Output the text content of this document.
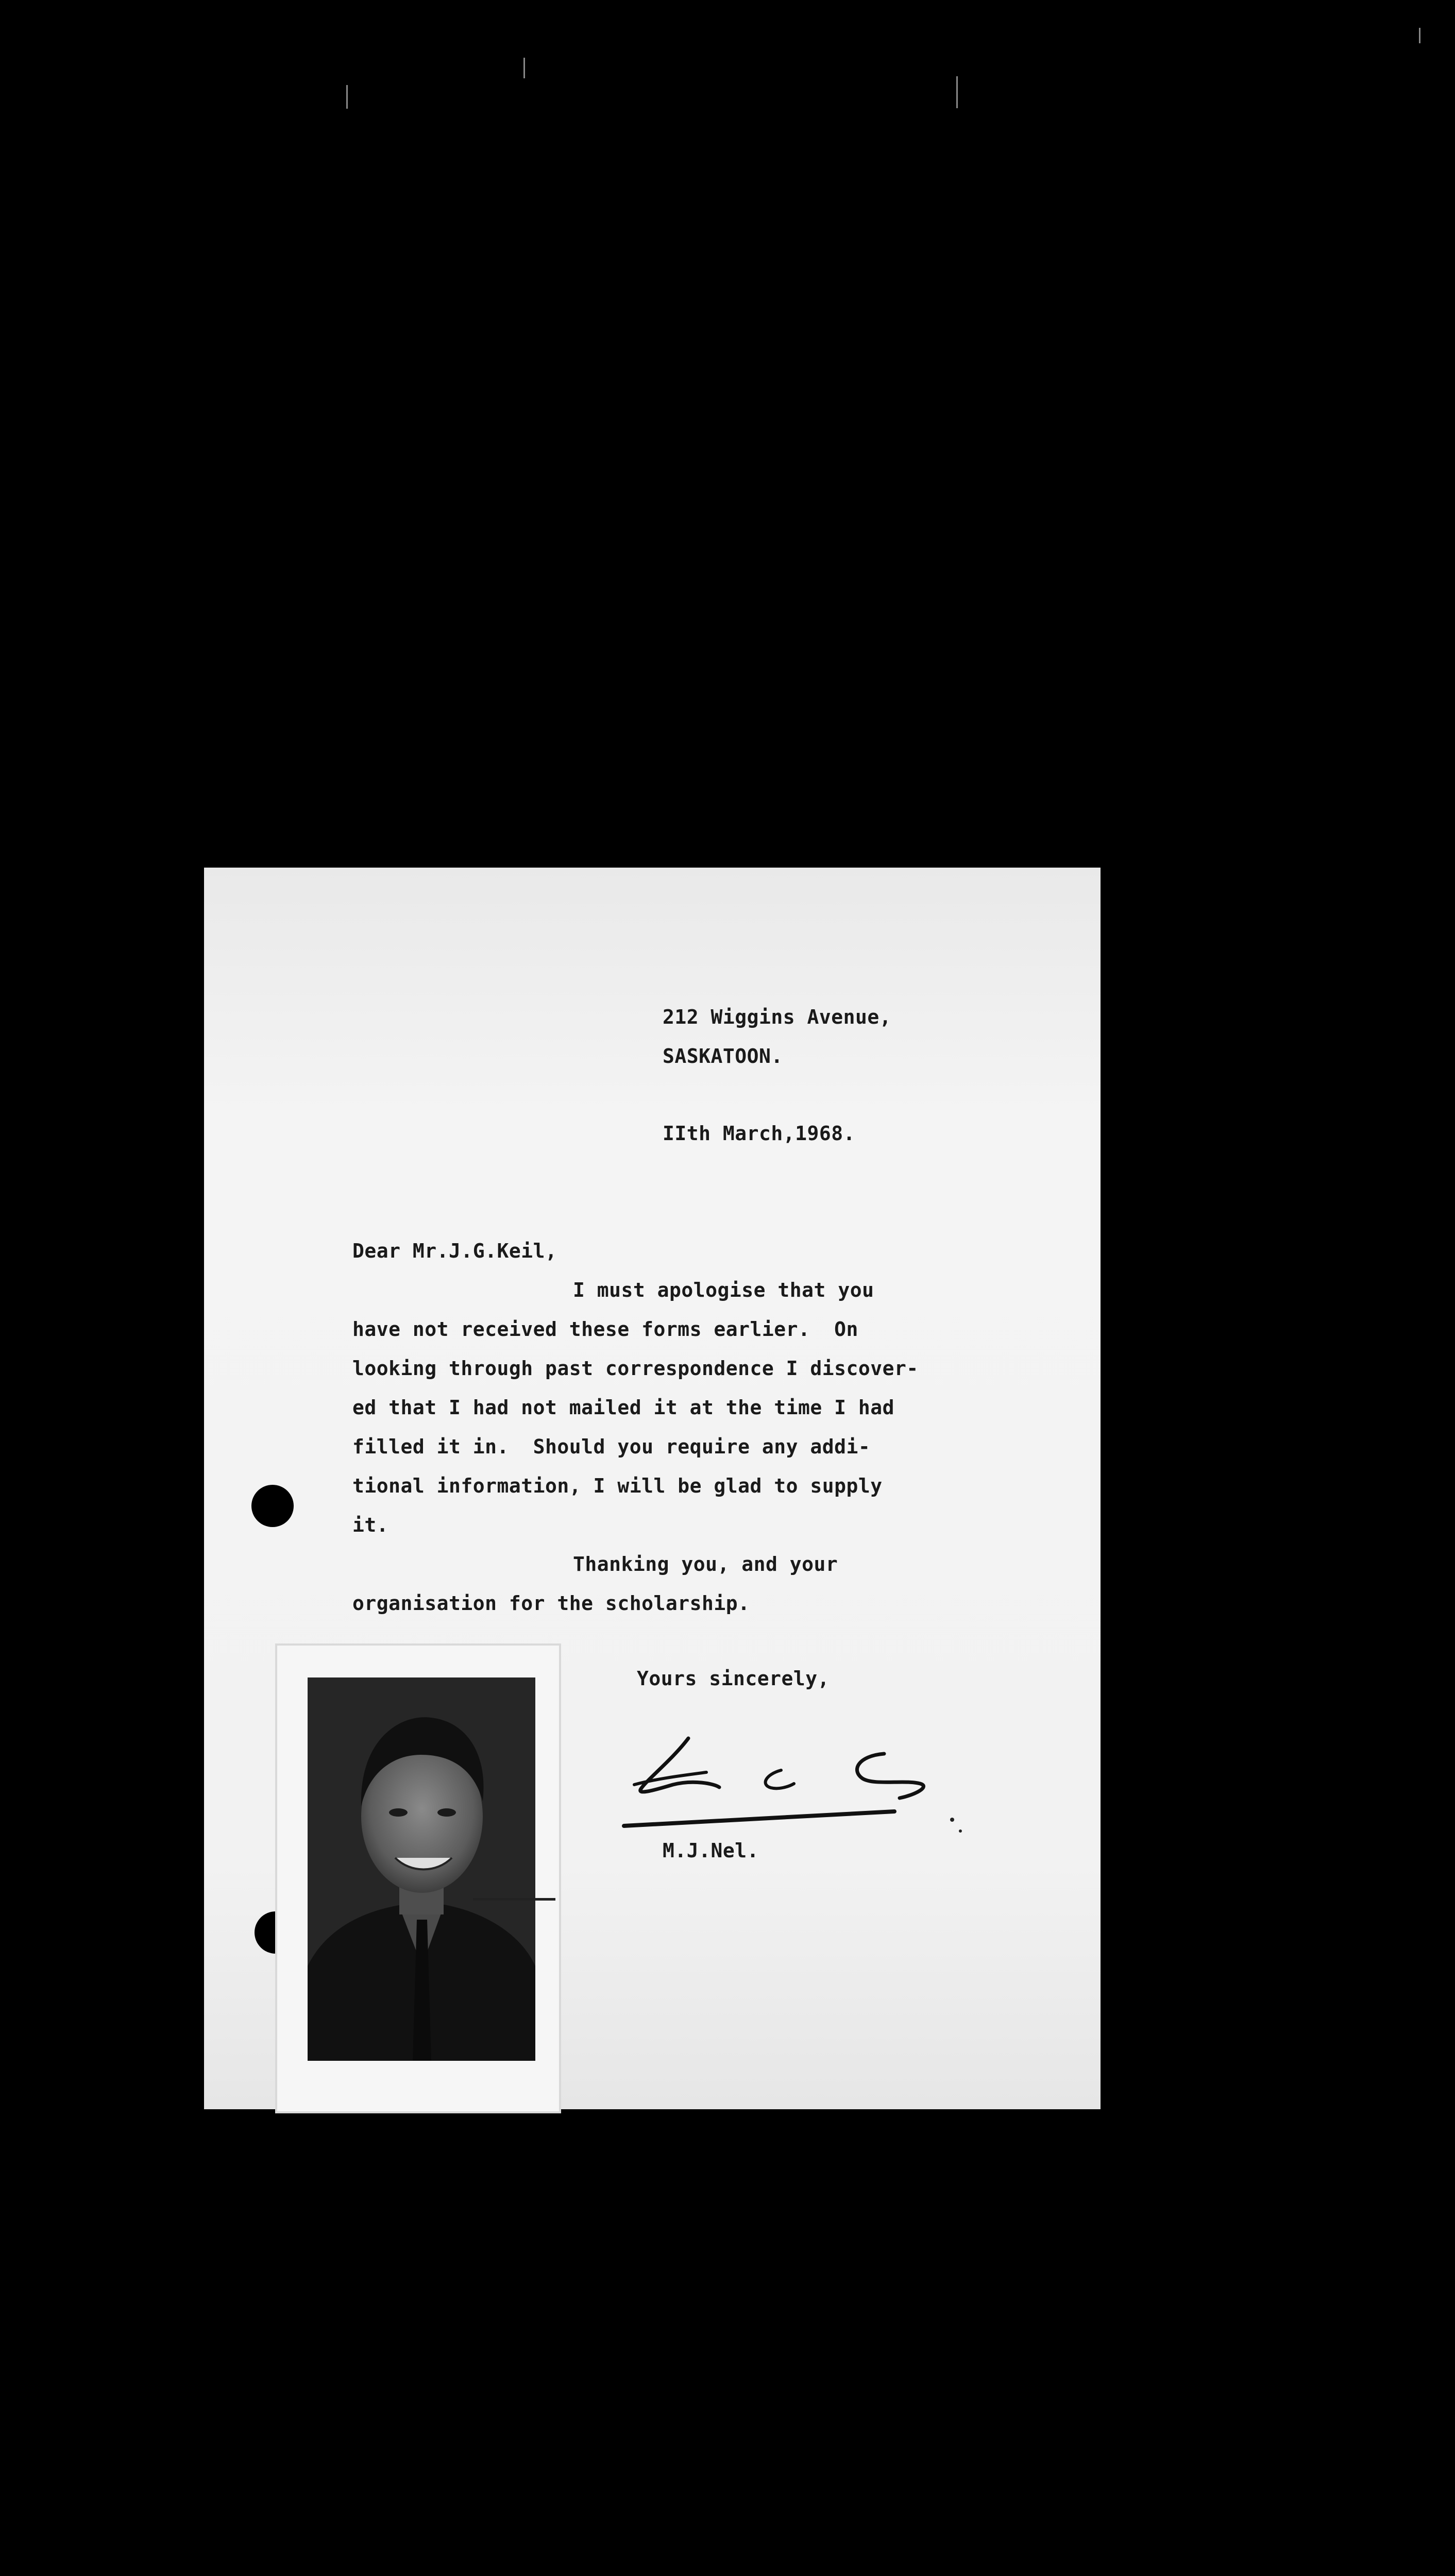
212 Wiggins Avenue,
SASKATOON.
IIth March,1968.
Dear Mr.J.G.Keil,
I must apologise that you
have not received these forms earlier.  On
looking through past correspondence I discover-
ed that I had not mailed it at the time I had
filled it in.  Should you require any addi-
tional information, I will be glad to supply
it.
Thanking you, and your
organisation for the scholarship.
Yours sincerely,
M.J.Nel.
